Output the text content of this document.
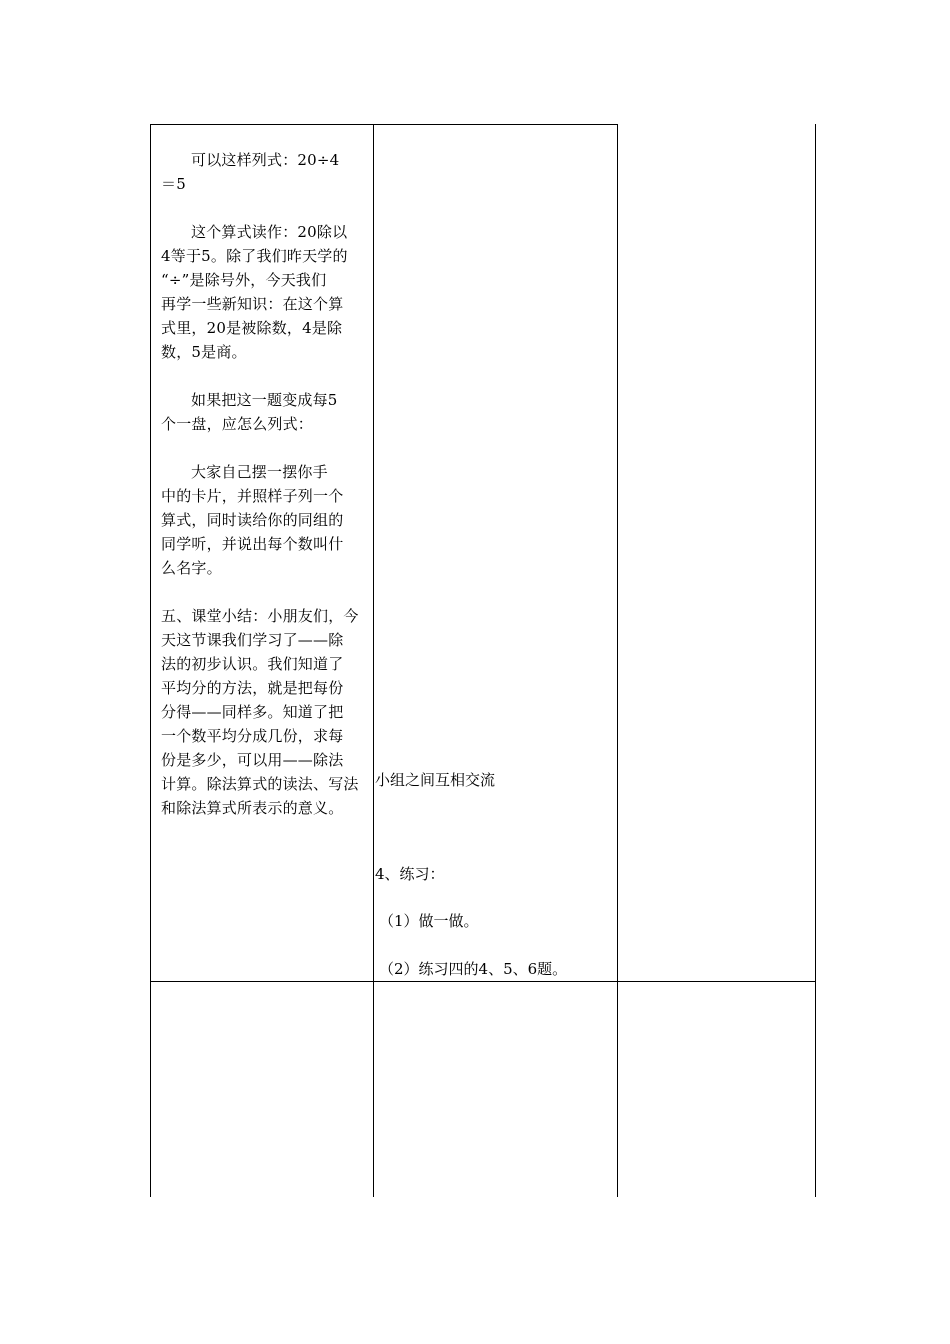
可以这样列式：20÷4
＝5
这个算式读作：20除以
4等于5。除了我们昨天学的
“÷”是除号外，今天我们
再学一些新知识：在这个算
式里，20是被除数，4是除
数，5是商。
如果把这一题变成每5
个一盘，应怎么列式：
大家自己摆一摆你手
中的卡片，并照样子列一个
算式，同时读给你的同组的
同学听，并说出每个数叫什
么名字。
五、课堂小结：小朋友们，今
天这节课我们学习了——除
法的初步认识。我们知道了
平均分的方法，就是把每份
分得——同样多。知道了把
一个数平均分成几份，求每
份是多少，可以用——除法
计算。除法算式的读法、写法
和除法算式所表示的意义。
小组之间互相交流
4、练习：
（1）做一做。
（2）练习四的4、5、6题。
